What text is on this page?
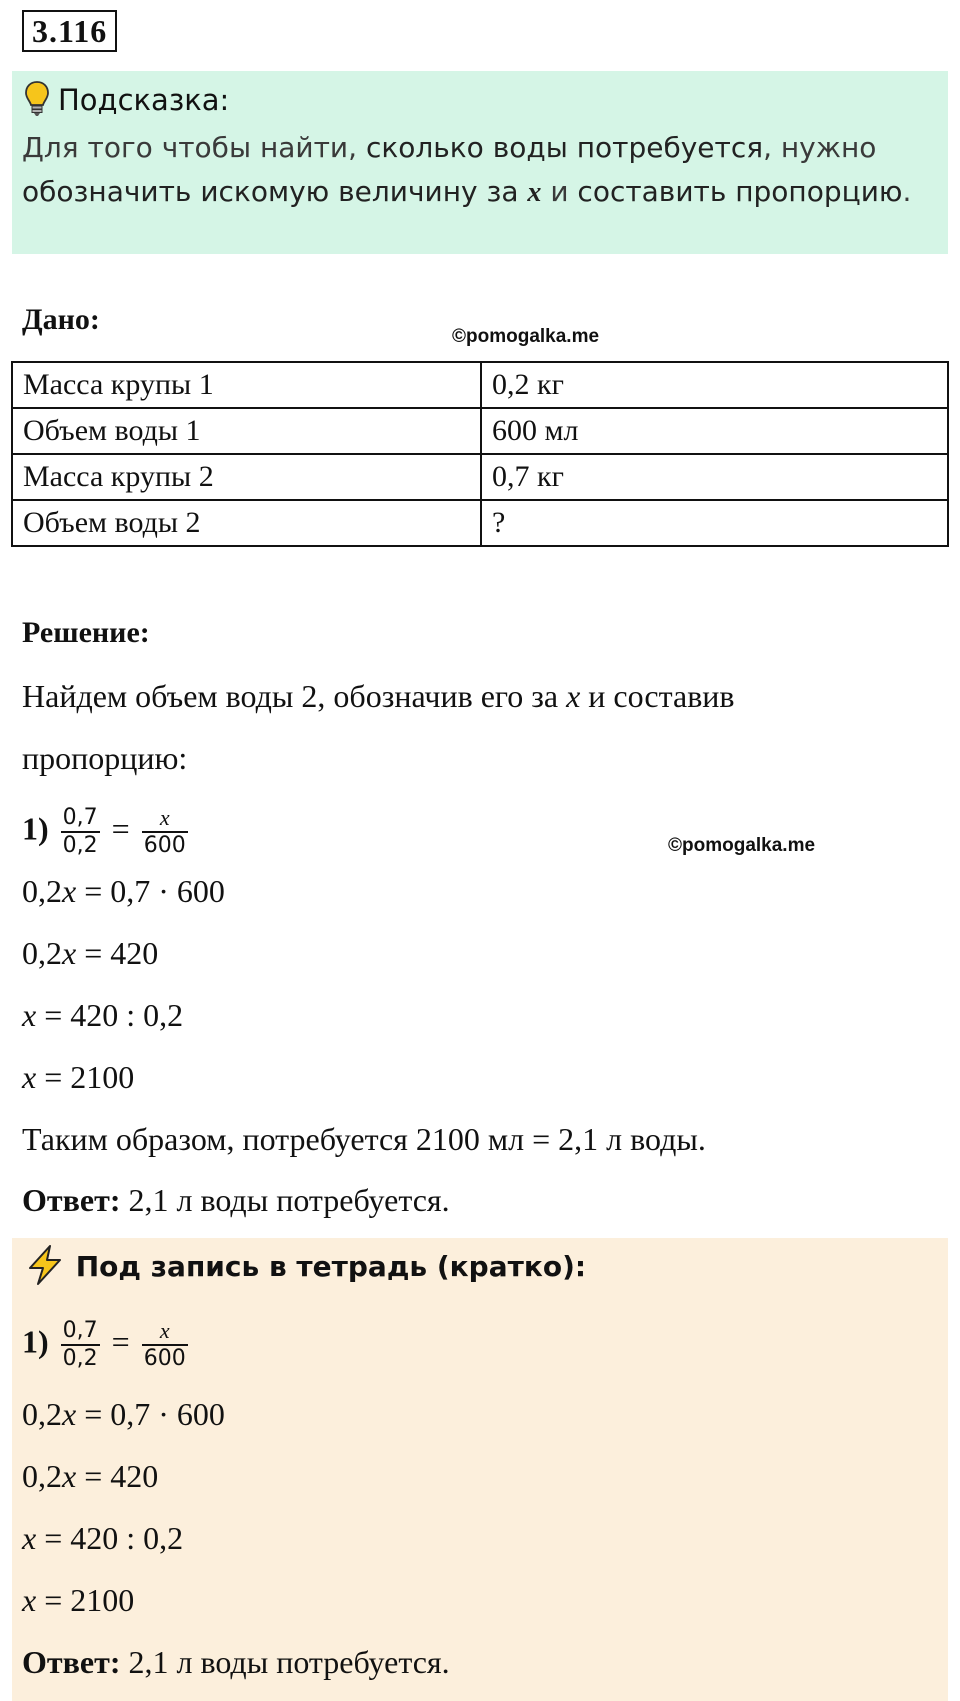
3.116
Подсказка:
Для того чтобы найти, сколько воды потребуется, нужно
обозначить искомую величину за x и составить пропорцию.
Дано:
©pomogalka.me
Масса крупы 1	0,2 кг
Объем воды 1	600 мл
Масса крупы 2	0,7 кг
Объем воды 2	?
Решение:
Найдем объем воды 2, обозначив его за x и составив
пропорцию:
$1) \frac{0,7}{0,2} = \frac{x}{600}$	©pomogalka.me
0,2x = 0,7 · 600
0,2x = 420
x = 420 : 0,2
x = 2100
Таким образом, потребуется 2100 мл = 2,1 л воды.
Ответ: 2,1 л воды потребуется.
Под запись в тетрадь (кратко):
$1) \frac{0,7}{0,2} = \frac{x}{600}$
0,2x = 0,7 · 600
0,2x = 420
x = 420 : 0,2
x = 2100
Ответ: 2,1 л воды потребуется.
